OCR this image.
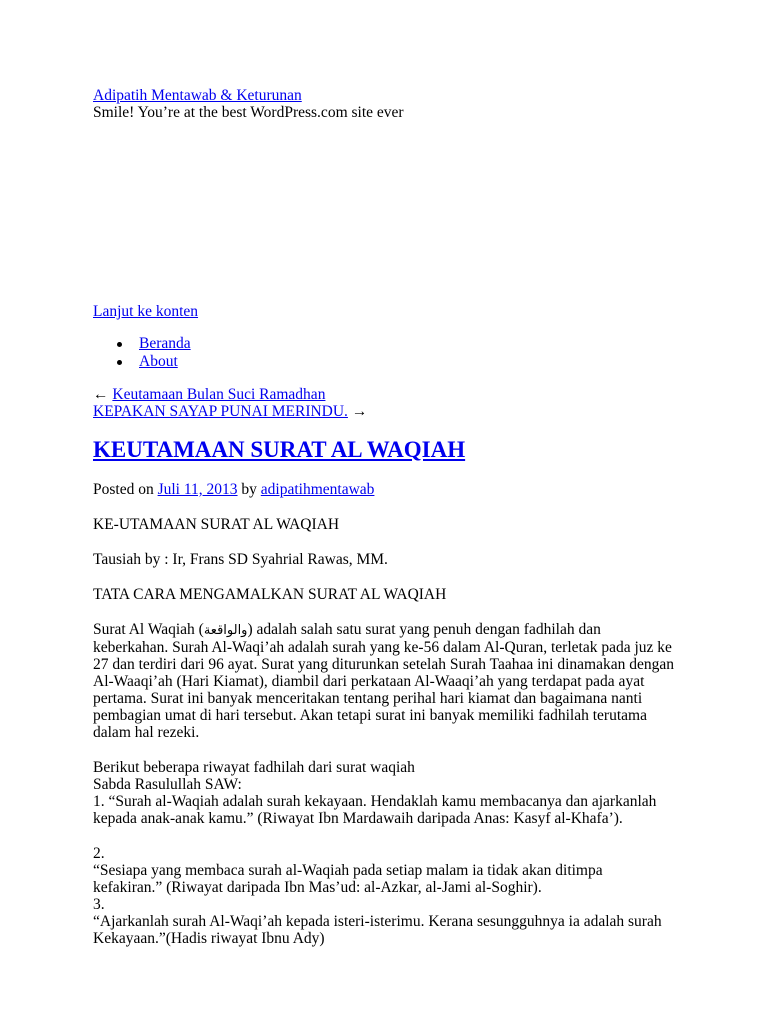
Adipatih Mentawab & Keturunan

Smile! You’re at the best WordPress.com site ever

Lanjut ke konten
Beranda
About
← Keutamaan Bulan Suci Ramadhan
KEPAKAN SAYAP PUNAI MERINDU. →
KEUTAMAAN SURAT AL WAQIAH

Posted on Juli 11, 2013 by adipatihmentawab

KE-UTAMAAN SURAT AL WAQIAH

Tausiah by : Ir, Frans SD Syahrial Rawas, MM.

TATA CARA MENGAMALKAN SURAT AL WAQIAH

Surat Al Waqiah (والواقعة) adalah salah satu surat yang penuh dengan fadhilah dan

keberkahan. Surah Al-Waqi’ah adalah surah yang ke-56 dalam Al-Quran, terletak pada juz ke

27 dan terdiri dari 96 ayat. Surat yang diturunkan setelah Surah Taahaa ini dinamakan dengan

Al-Waaqi’ah (Hari Kiamat), diambil dari perkataan Al-Waaqi’ah yang terdapat pada ayat

pertama. Surat ini banyak menceritakan tentang perihal hari kiamat dan bagaimana nanti

pembagian umat di hari tersebut. Akan tetapi surat ini banyak memiliki fadhilah terutama

dalam hal rezeki.

Berikut beberapa riwayat fadhilah dari surat waqiah

Sabda Rasulullah SAW:

1. “Surah al-Waqiah adalah surah kekayaan. Hendaklah kamu membacanya dan ajarkanlah

kepada anak-anak kamu.” (Riwayat Ibn Mardawaih daripada Anas: Kasyf al-Khafa’).

2.

“Sesiapa yang membaca surah al-Waqiah pada setiap malam ia tidak akan ditimpa

kefakiran.” (Riwayat daripada Ibn Mas’ud: al-Azkar, al-Jami al-Soghir).

3.

“Ajarkanlah surah Al-Waqi’ah kepada isteri-isterimu. Kerana sesungguhnya ia adalah surah

Kekayaan.”(Hadis riwayat Ibnu Ady)
